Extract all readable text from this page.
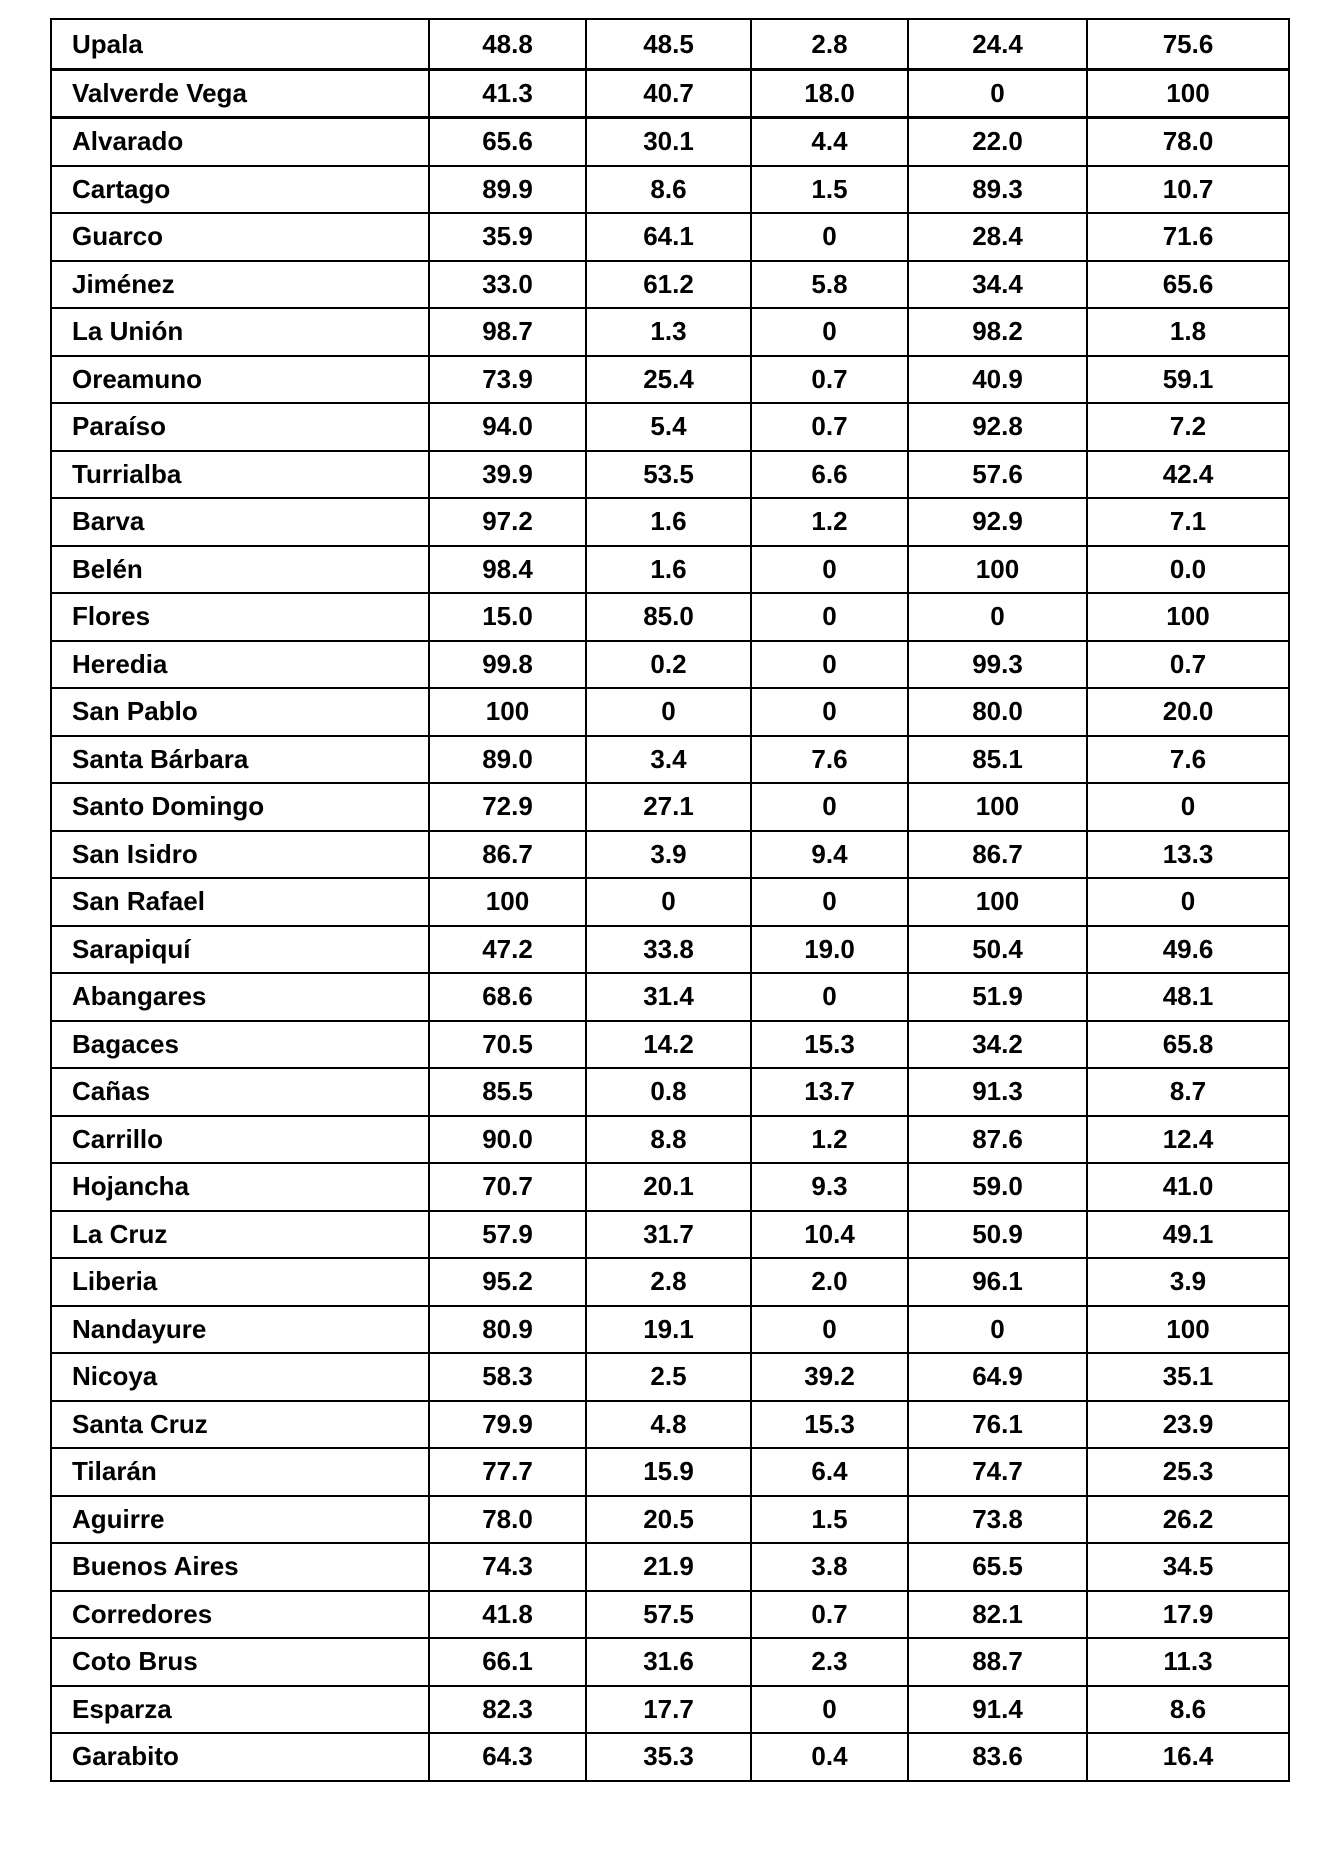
Upala	48.8	48.5	2.8	24.4	75.6
Valverde Vega	41.3	40.7	18.0	0	100
Alvarado	65.6	30.1	4.4	22.0	78.0
Cartago	89.9	8.6	1.5	89.3	10.7
Guarco	35.9	64.1	0	28.4	71.6
Jiménez	33.0	61.2	5.8	34.4	65.6
La Unión	98.7	1.3	0	98.2	1.8
Oreamuno	73.9	25.4	0.7	40.9	59.1
Paraíso	94.0	5.4	0.7	92.8	7.2
Turrialba	39.9	53.5	6.6	57.6	42.4
Barva	97.2	1.6	1.2	92.9	7.1
Belén	98.4	1.6	0	100	0.0
Flores	15.0	85.0	0	0	100
Heredia	99.8	0.2	0	99.3	0.7
San Pablo	100	0	0	80.0	20.0
Santa Bárbara	89.0	3.4	7.6	85.1	7.6
Santo Domingo	72.9	27.1	0	100	0
San Isidro	86.7	3.9	9.4	86.7	13.3
San Rafael	100	0	0	100	0
Sarapiquí	47.2	33.8	19.0	50.4	49.6
Abangares	68.6	31.4	0	51.9	48.1
Bagaces	70.5	14.2	15.3	34.2	65.8
Cañas	85.5	0.8	13.7	91.3	8.7
Carrillo	90.0	8.8	1.2	87.6	12.4
Hojancha	70.7	20.1	9.3	59.0	41.0
La Cruz	57.9	31.7	10.4	50.9	49.1
Liberia	95.2	2.8	2.0	96.1	3.9
Nandayure	80.9	19.1	0	0	100
Nicoya	58.3	2.5	39.2	64.9	35.1
Santa Cruz	79.9	4.8	15.3	76.1	23.9
Tilarán	77.7	15.9	6.4	74.7	25.3
Aguirre	78.0	20.5	1.5	73.8	26.2
Buenos Aires	74.3	21.9	3.8	65.5	34.5
Corredores	41.8	57.5	0.7	82.1	17.9
Coto Brus	66.1	31.6	2.3	88.7	11.3
Esparza	82.3	17.7	0	91.4	8.6
Garabito	64.3	35.3	0.4	83.6	16.4
